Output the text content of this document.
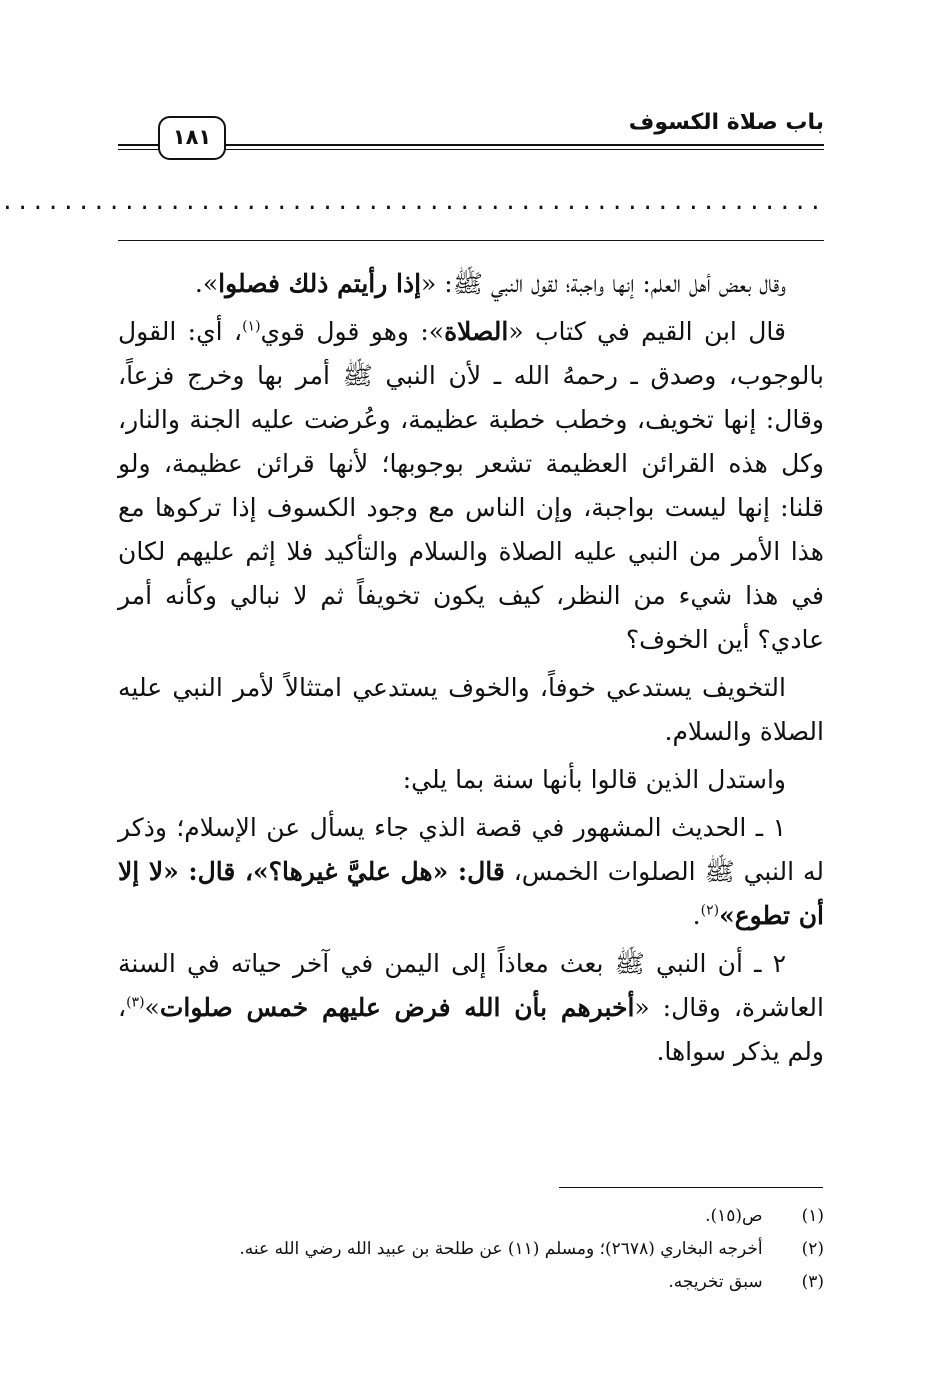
باب صلاة الكسوف
١٨١
......................................................

وقال بعض أهل العلم: إنها واجبة؛ لقول النبي ﷺ: «إذا رأيتم ذلك فصلوا».

قال ابن القيم في كتاب «الصلاة»: وهو قول قوي$^{(١)}$، أي: القول بالوجوب، وصدق ـ رحمهُ الله ـ لأن النبي ﷺ أمر بها وخرج فزعاً، وقال: إنها تخويف، وخطب خطبة عظيمة، وعُرضت عليه الجنة والنار، وكل هذه القرائن العظيمة تشعر بوجوبها؛ لأنها قرائن عظيمة، ولو قلنا: إنها ليست بواجبة، وإن الناس مع وجود الكسوف إذا تركوها مع هذا الأمر من النبي عليه الصلاة والسلام والتأكيد فلا إثم عليهم لكان في هذا شيء من النظر، كيف يكون تخويفاً ثم لا نبالي وكأنه أمر عادي؟ أين الخوف؟

التخويف يستدعي خوفاً، والخوف يستدعي امتثالاً لأمر النبي عليه الصلاة والسلام.

واستدل الذين قالوا بأنها سنة بما يلي:

١ ـ الحديث المشهور في قصة الذي جاء يسأل عن الإسلام؛ وذكر له النبي ﷺ الصلوات الخمس، قال: «هل عليَّ غيرها؟»، قال: «لا إلا أن تطوع»$^{(٢)}$.

٢ ـ أن النبي ﷺ بعث معاذاً إلى اليمن في آخر حياته في السنة العاشرة، وقال: «أخبرهم بأن الله فرض عليهم خمس صلوات»$^{(٣)}$، ولم يذكر سواها.

(١) ص(١٥).
(٢) أخرجه البخاري (٢٦٧٨)؛ ومسلم (١١) عن طلحة بن عبيد الله رضي الله عنه.
(٣) سبق تخريجه.
